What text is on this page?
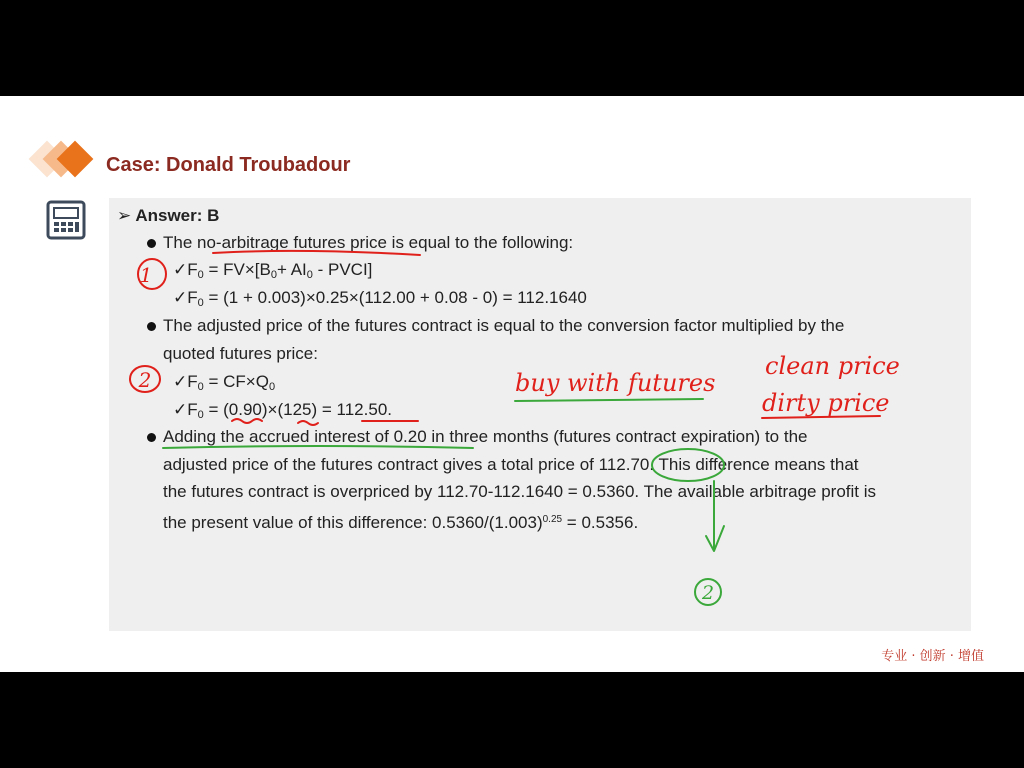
Case: Donald Troubadour
➢ Answer: B
The no-arbitrage futures price is equal to the following:
$✓F_0 = FV\times[B_0+ AI_0$ - PVCI]
$✓F_0 = (1 + 0.003)\times 0.25\times(112.00 + 0.08 - 0) = 112.1640$
The adjusted price of the futures contract is equal to the conversion factor multiplied by the
quoted futures price:
$✓F_0 = CF\times Q_0$
$✓F_0 = (0.90)\times(125) = 112.50$.
Adding the accrued interest of 0.20 in three months (futures contract expiration) to the
adjusted price of the futures contract gives a total price of 112.70. This difference means that
the futures contract is overpriced by 112.70-112.1640 = 0.5360. The available arbitrage profit is
the present value of this difference: $0.5360/(1.003)^{0.25} = 0.5356$.
1
2
2
buy with futures
clean price
dirty price
专业 · 创新 · 增值
